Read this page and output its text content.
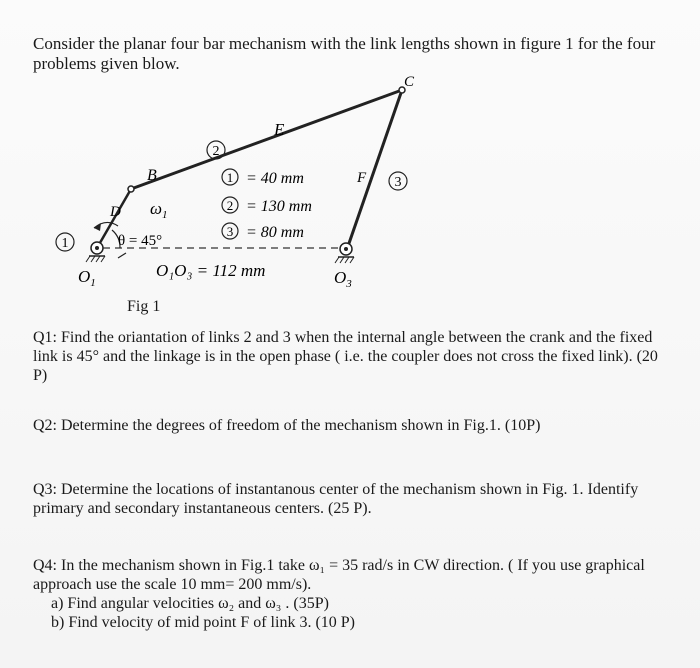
Consider the planar four bar mechanism with the link lengths shown in figure 1 for the four problems given blow.
C
E
B
D
F
$\omega_1$
θ = 45°
2
3
1
1 = 40 mm
2 = 130 mm
3 = 80 mm
O₁O₃ = 112 mm
$O_1$	$O_3$
Fig 1
Q1: Find the oriantation of links 2 and 3 when the internal angle between the crank and the fixed link is 45° and the linkage is in the open phase ( i.e. the coupler does not cross the fixed link). (20 P)
Q2: Determine the degrees of freedom of the mechanism shown in Fig.1. (10P)
Q3: Determine the locations of instantanous center of the mechanism shown in Fig. 1. Identify primary and secondary instantaneous centers. (25 P).
Q4: In the mechanism shown in Fig.1 take ω₁ = 35 rad/s in CW direction. ( If you use graphical approach use the scale 10 mm= 200 mm/s).
a) Find angular velocities ω₂ and ω₃ . (35P)
b) Find velocity of mid point F of link 3. (10 P)
